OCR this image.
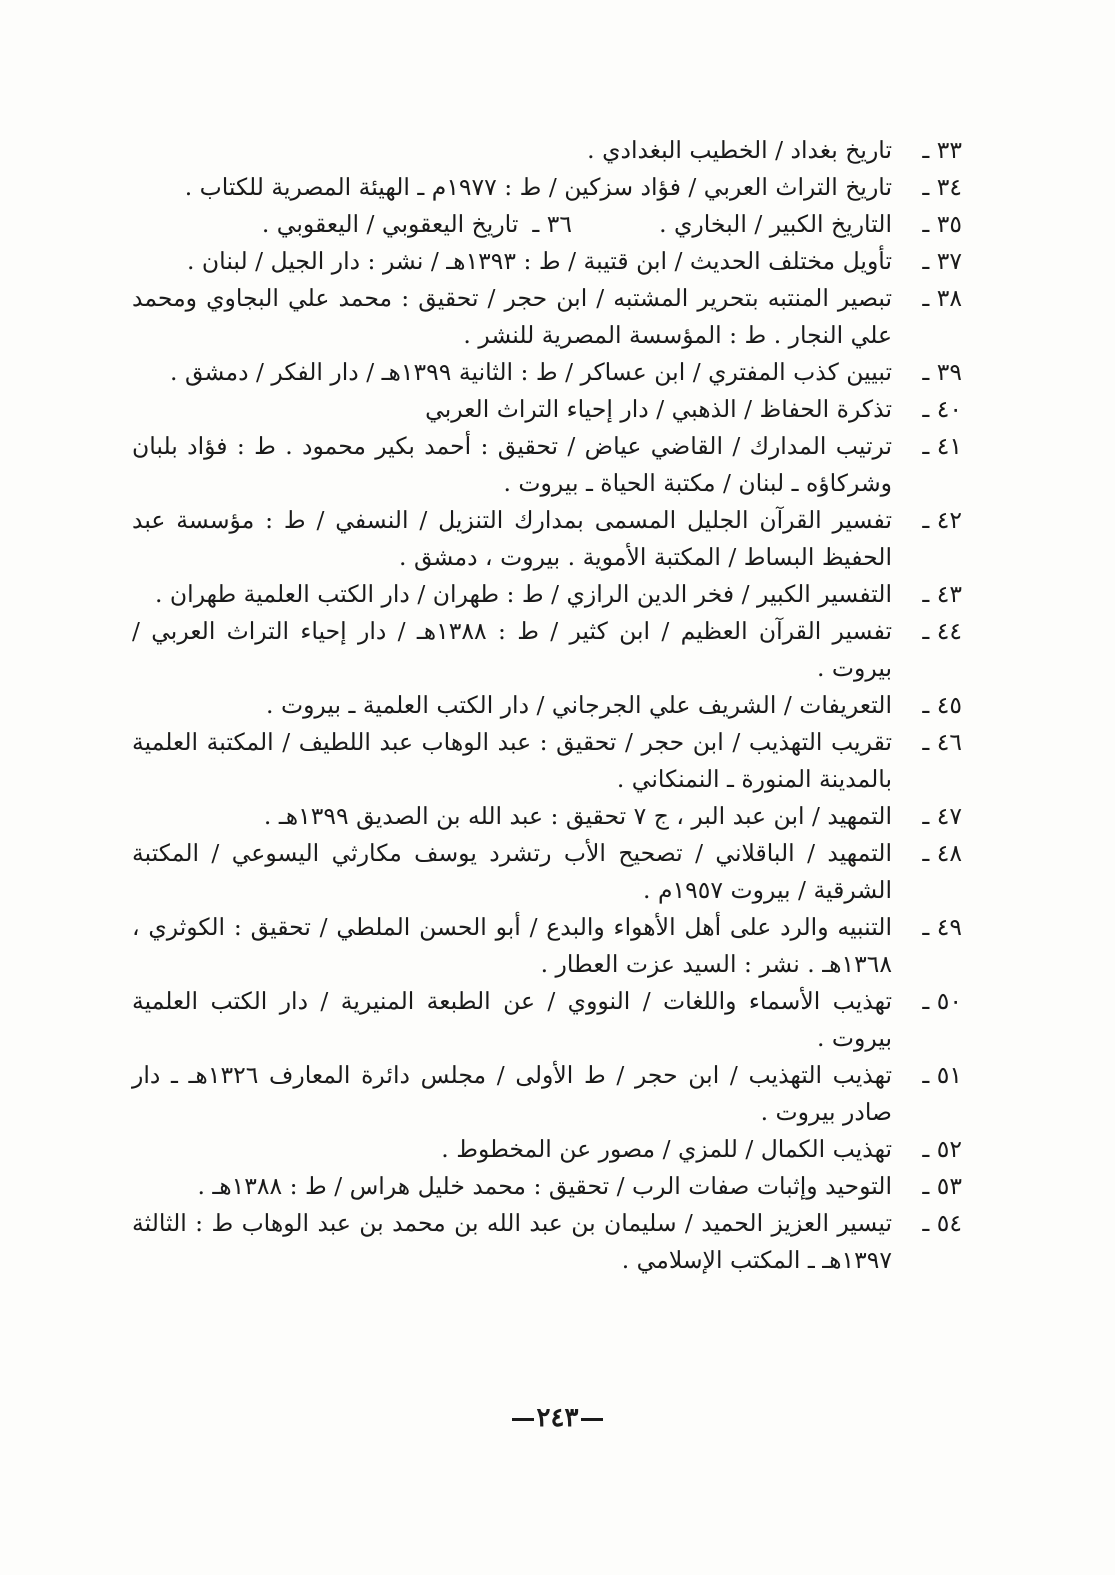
تاريخ بغداد / الخطيب البغدادي . ٣٣ ـ
تاريخ التراث العربي / فؤاد سزكين / ط : ١٩٧٧م ـ الهيئة المصرية للكتاب . ٣٤ ـ
التاريخ الكبير / البخاري .
٣٦ ـ
تاريخ اليعقوبي / اليعقوبي .	٣٥ ـ
تأويل مختلف الحديث / ابن قتيبة / ط : ١٣٩٣هـ / نشر : دار الجيل / لبنان . ٣٧ ـ
تبصير المنتبه بتحرير المشتبه / ابن حجر / تحقيق : محمد علي البجاوي ومحمد علي النجار . ط : المؤسسة المصرية للنشر .
٣٨ ـ
تبيين كذب المفتري / ابن عساكر / ط : الثانية ١٣٩٩هـ / دار الفكر / دمشق . ٣٩ ـ
تذكرة الحفاظ / الذهبي / دار إحياء التراث العربي ٤٠ ـ
ترتيب المدارك / القاضي عياض / تحقيق : أحمد بكير محمود . ط : فؤاد بلبان وشركاؤه ـ لبنان / مكتبة الحياة ـ بيروت .
٤١ ـ
تفسير القرآن الجليل المسمى بمدارك التنزيل / النسفي / ط : مؤسسة عبد الحفيظ البساط / المكتبة الأموية . بيروت ، دمشق .
٤٢ ـ
التفسير الكبير / فخر الدين الرازي / ط : طهران / دار الكتب العلمية طهران . ٤٣ ـ
تفسير القرآن العظيم / ابن كثير / ط : ١٣٨٨هـ / دار إحياء التراث العربي / بيروت .
٤٤ ـ
التعريفات / الشريف علي الجرجاني / دار الكتب العلمية ـ بيروت . ٤٥ ـ
تقريب التهذيب / ابن حجر / تحقيق : عبد الوهاب عبد اللطيف / المكتبة العلمية بالمدينة المنورة ـ النمنكاني .
٤٦ ـ
التمهيد / ابن عبد البر ، ج ٧ تحقيق : عبد الله بن الصديق ١٣٩٩هـ . ٤٧ ـ
التمهيد / الباقلاني / تصحيح الأب رتشرد يوسف مكارثي اليسوعي / المكتبة الشرقية / بيروت ١٩٥٧م .
٤٨ ـ
التنبيه والرد على أهل الأهواء والبدع / أبو الحسن الملطي / تحقيق : الكوثري ، ١٣٦٨هـ . نشر : السيد عزت العطار .
٤٩ ـ
تهذيب الأسماء واللغات / النووي / عن الطبعة المنيرية / دار الكتب العلمية بيروت .
٥٠ ـ
تهذيب التهذيب / ابن حجر / ط الأولى / مجلس دائرة المعارف ١٣٢٦هـ ـ دار صادر بيروت .
٥١ ـ
تهذيب الكمال / للمزي / مصور عن المخطوط . ٥٢ ـ
التوحيد وإثبات صفات الرب / تحقيق : محمد خليل هراس / ط : ١٣٨٨هـ . ٥٣ ـ
تيسير العزيز الحميد / سليمان بن عبد الله بن محمد بن عبد الوهاب ط : الثالثة ١٣٩٧هـ ـ المكتب الإسلامي .
٥٤ ـ
٢٤٣
